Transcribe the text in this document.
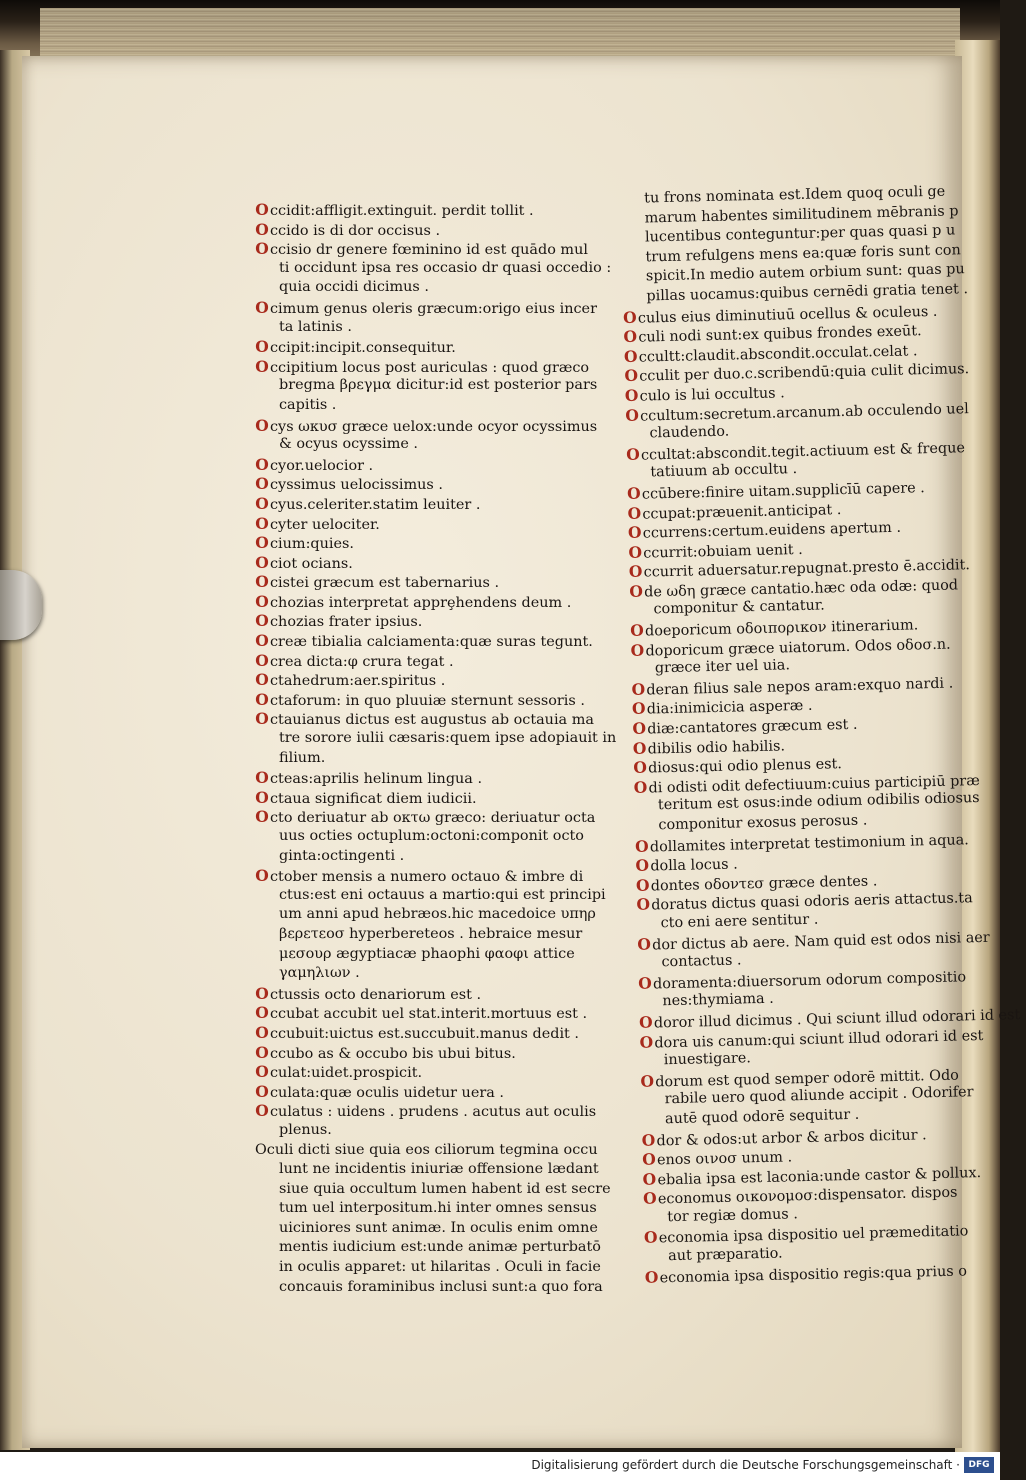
Occidit:affligit.extinguit. perdit tollit .
Occido is di dor occisus .
Occisio dr genere fœminino id est quādo mul
ti occidunt ipsa res occasio dr quasi occedio :
quia occidi dicimus .
Ocimum genus oleris græcum:origo eius incer
ta latinis .
Occipit:incipit.consequitur.
Occipitium locus post auriculas : quod græco
bregma βρεγμα dicitur:id est posterior pars
capitis .
Ocys ωκυσ græce uelox:unde ocyor ocyssimus
& ocyus ocyssime .
Ocyor.uelocior .
Ocyssimus uelocissimus .
Ocyus.celeriter.statim leuiter .
Ocyter uelociter.
Ocium:quies.
Ociot ocians.
Ocistei græcum est tabernarius .
Ochozias interpretat apprȩhendens deum .
Ochozias frater ipsius.
Ocreæ tibialia calciamenta:quæ suras tegunt.
Ocrea dicta:φ crura tegat .
Octahedrum:aer.spiritus .
Octaforum: in quo pluuiæ sternunt sessoris .
Octauianus dictus est augustus ab octauia ma
tre sorore iulii cæsaris:quem ipse adopiauit in
filium.
Octeas:aprilis helinum lingua .
Octaua significat diem iudicii.
Octo deriuatur ab οκτω græco: deriuatur octa
uus octies octuplum:octoni:componit octo
ginta:octingenti .
October mensis a numero octauo & imbre di
ctus:est eni octauus a martio:qui est principi
um anni apud hebræos.hic macedoice υπηρ
βερετεοσ hyperbereteos . hebraice mesur
μεσουρ ægyptiacæ phaophi φαοφι attice
γαμηλιων .
Octussis octo denariorum est .
Occubat accubit uel stat.interit.mortuus est .
Occubuit:uictus est.succubuit.manus dedit .
Occubo as & occubo bis ubui bitus.
Oculat:uidet.prospicit.
Oculata:quæ oculis uidetur uera .
Oculatus : uidens . prudens . acutus aut oculis
plenus.
Oculi dicti siue quia eos ciliorum tegmina occu
lunt ne incidentis iniuriæ offensione lædant
siue quia occultum lumen habent id est secre
tum uel interpositum.hi inter omnes sensus
uiciniores sunt animæ. In oculis enim omne
mentis iudicium est:unde animæ perturbatō
in oculis apparet: ut hilaritas . Oculi in facie
concauis foraminibus inclusi sunt:a quo fora
tu frons nominata est.Idem quoq oculi ge
marum habentes similitudinem mēbranis p
lucentibus conteguntur:per quas quasi p u
trum refulgens mens ea:quæ foris sunt con
spicit.In medio autem orbium sunt: quas pu
pillas uocamus:quibus cernēdi gratia tenet .
Oculus eius diminutiuū ocellus & oculeus .
Oculi nodi sunt:ex quibus frondes exeūt.
Occultt:claudit.abscondit.occulat.celat .
Occulit per duo.c.scribendū:quia culit dicimus.
Oculo is lui occultus .
Occultum:secretum.arcanum.ab occulendo uel
claudendo.
Occultat:abscondit.tegit.actiuum est & freque
tatiuum ab occultu .
Occūbere:finire uitam.supplicīū capere .
Occupat:præuenit.anticipat .
Occurrens:certum.euidens apertum .
Occurrit:obuiam uenit .
Occurrit aduersatur.repugnat.presto ē.accidit.
Ode ωδη græce cantatio.hæc oda odæ: quod
componitur & cantatur.
Odoeporicum οδοιπορικον itinerarium.
Odoporicum græce uiatorum. Odos οδοσ.n.
græce iter uel uia.
Oderan filius sale nepos aram:exquo nardi .
Odia:inimicicia asperæ .
Odiæ:cantatores græcum est .
Odibilis odio habilis.
Odiosus:qui odio plenus est.
Odi odisti odit defectiuum:cuius participiū præ
teritum est osus:inde odium odibilis odiosus
componitur exosus perosus .
Odollamites interpretat testimonium in aqua.
Odolla locus .
Odontes οδοντεσ græce dentes .
Odoratus dictus quasi odoris aeris attactus.ta
cto eni aere sentitur .
Odor dictus ab aere. Nam quid est odos nisi aer
contactus .
Odoramenta:diuersorum odorum compositio
nes:thymiama .
Odoror illud dicimus . Qui sciunt illud odorari id est
Odora uis canum:qui sciunt illud odorari id est
inuestigare.
Odorum est quod semper odorē mittit. Odo
rabile uero quod aliunde accipit . Odorifer
autē quod odorē sequitur .
Odor & odos:ut arbor & arbos dicitur .
Oenos οινοσ unum .
Oebalia ipsa est laconia:unde castor & pollux.
Oeconomus οικονομοσ:dispensator. dispos
tor regiæ domus .
Oeconomia ipsa dispositio uel præmeditatio
aut præparatio.
Oeconomia ipsa dispositio regis:qua prius o
Digitalisierung gefördert durch die Deutsche Forschungsgemeinschaft · DFG
